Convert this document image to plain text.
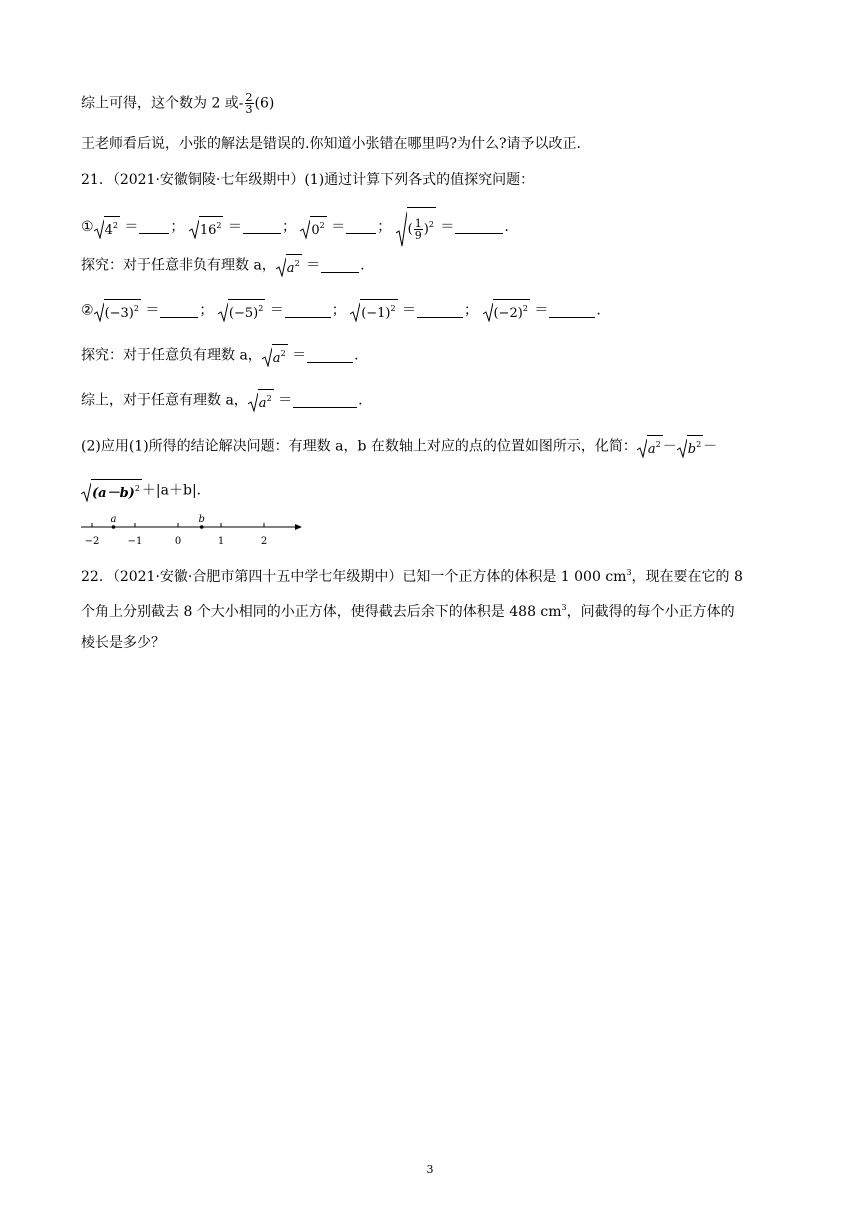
综上可得，这个数为 2 或- $\frac{2}{3} (6)$
王老师看后说，小张的解法是错误的.你知道小张错在哪里吗?为什么?请予以改正.
21．（2021·安徽铜陵·七年级期中）(1)通过计算下列各式的值探究问题：
① $4^2$ ＝ ； $16^2$ ＝	； $0^2$ ＝ ； ( $\frac{1}{9} )^2$ ＝	.
探究：对于任意非负有理数 a， $a^2$ ＝	.
② $(-3)^2$ ＝	； $(-5)^2$ ＝	； $(-1)^2$ ＝	； $(-2)^2$ ＝	.
探究：对于任意负有理数 a， $a^2$ ＝	.
综上，对于任意有理数 a， $a^2$ ＝	.
(2)应用(1)所得的结论解决问题：有理数 a，b 在数轴上对应的点的位置如图所示，化简： $a^2 - b^2$ －
$(a-b)^2 +|a+b|$.
−2	−1	0	1	2
a	b
22．（2021·安徽·合肥市第四十五中学七年级期中）已知一个正方体的体积是 1 000 $cm^3$，现在要在它的 8
个角上分别截去 8 个大小相同的小正方体，使得截去后余下的体积是 488 $cm^3$，问截得的每个小正方体的
棱长是多少？
3
